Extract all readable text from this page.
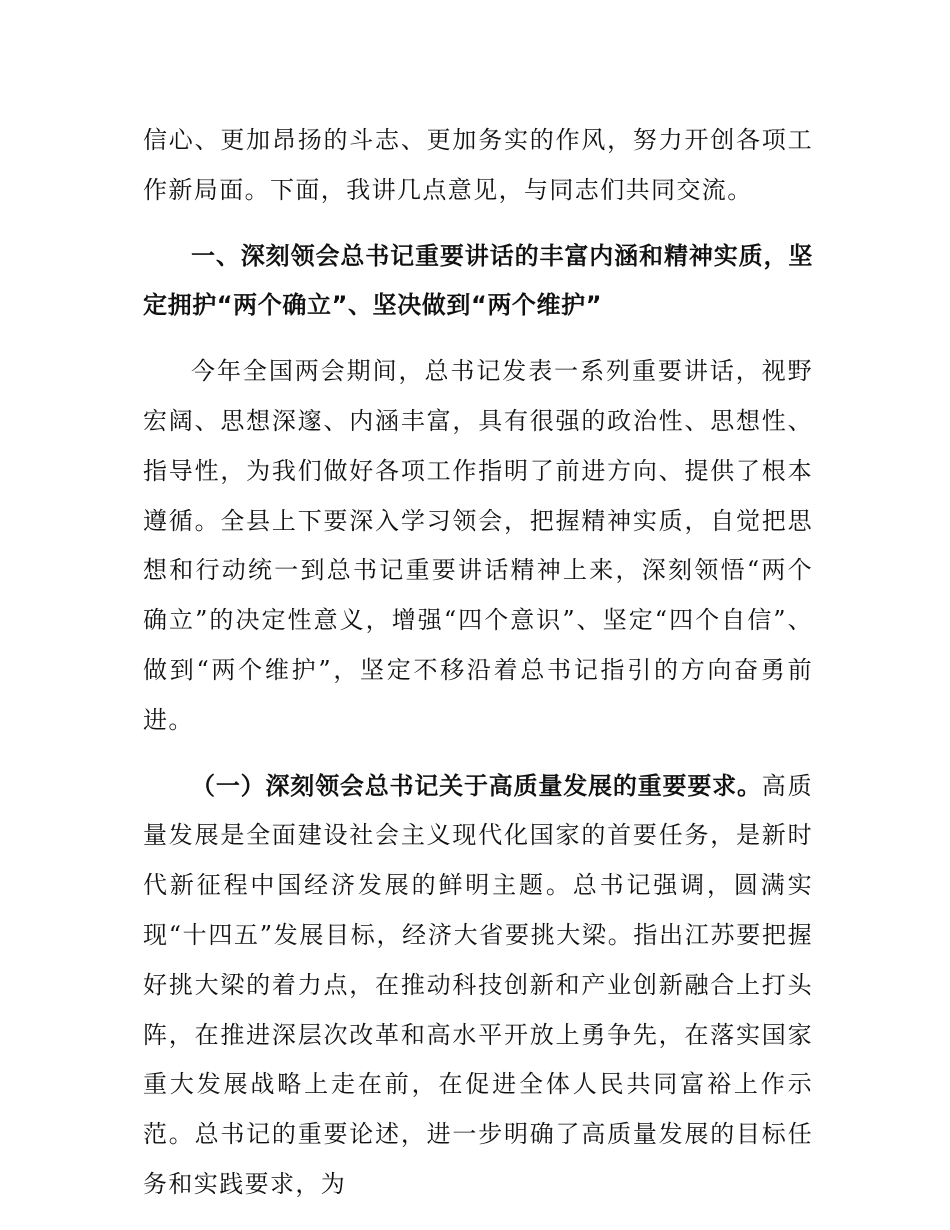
信心、更加昂扬的斗志、更加务实的作风，努力开创各项工作新局面。下面，我讲几点意见，与同志们共同交流。

一、深刻领会总书记重要讲话的丰富内涵和精神实质，坚定拥护“两个确立”、坚决做到“两个维护”

今年全国两会期间，总书记发表一系列重要讲话，视野宏阔、思想深邃、内涵丰富，具有很强的政治性、思想性、指导性，为我们做好各项工作指明了前进方向、提供了根本遵循。全县上下要深入学习领会，把握精神实质，自觉把思想和行动统一到总书记重要讲话精神上来，深刻领悟“两个确立”的决定性意义，增强“四个意识”、坚定“四个自信”、做到“两个维护”，坚定不移沿着总书记指引的方向奋勇前进。

（一）深刻领会总书记关于高质量发展的重要要求。高质量发展是全面建设社会主义现代化国家的首要任务，是新时代新征程中国经济发展的鲜明主题。总书记强调，圆满实现“十四五”发展目标，经济大省要挑大梁。指出江苏要把握好挑大梁的着力点，在推动科技创新和产业创新融合上打头阵，在推进深层次改革和高水平开放上勇争先，在落实国家重大发展战略上走在前，在促进全体人民共同富裕上作示范。总书记的重要论述，进一步明确了高质量发展的目标任务和实践要求，为
